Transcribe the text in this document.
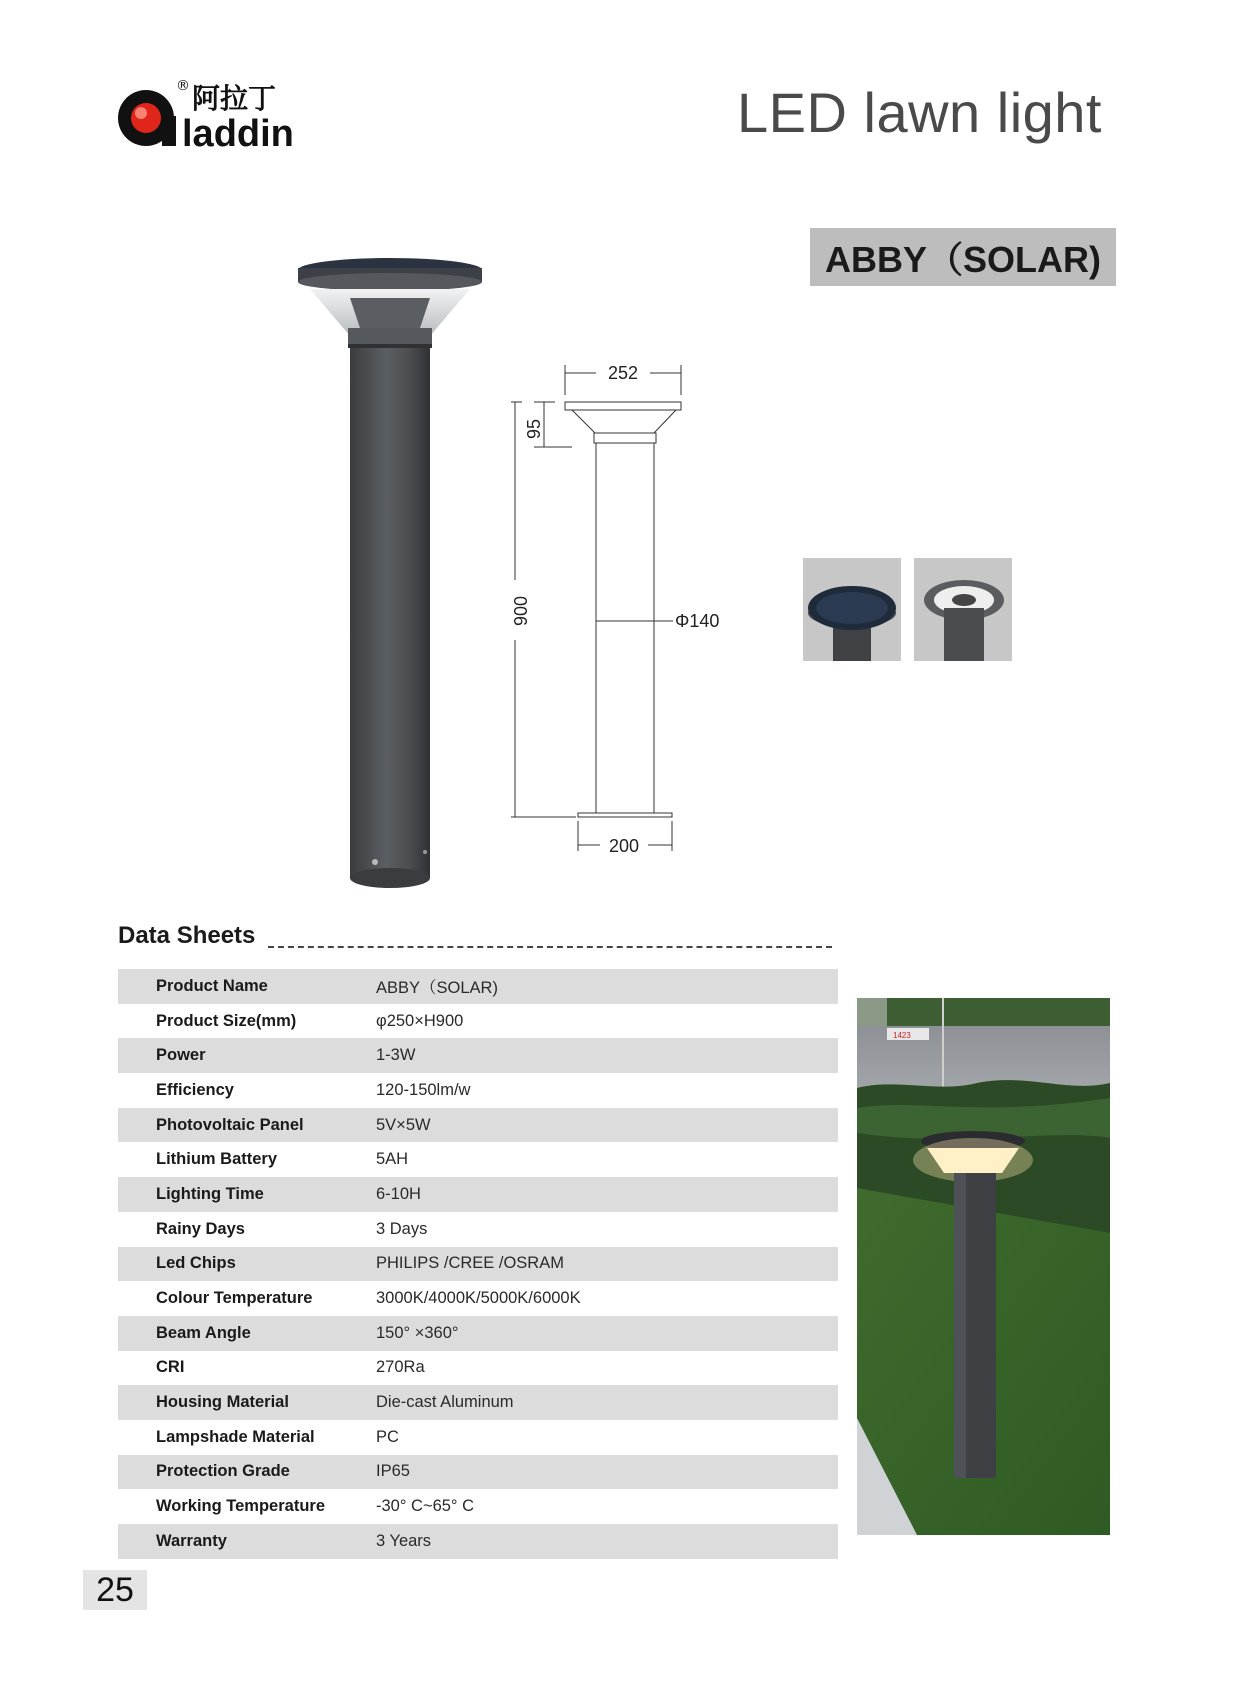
laddin
阿拉丁
®	LED lawn light
ABBY（SOLAR)
252
95
900	Φ140
200
Data Sheets
Product Name	ABBY（SOLAR)
Product Size(mm)	φ250×H900
Power	1-3W
Efficiency	120-150lm/w
Photovoltaic Panel	5V×5W
Lithium Battery	5AH
Lighting Time	6-10H
Rainy Days	3 Days
Led Chips	PHILIPS /CREE /OSRAM
Colour Temperature	3000K/4000K/5000K/6000K
Beam Angle	150° ×360°
CRI	270Ra
Housing Material	Die-cast Aluminum
Lampshade Material	PC
Protection Grade	IP65
Working Temperature	-30° C~65° C
Warranty	3 Years
1423
25
